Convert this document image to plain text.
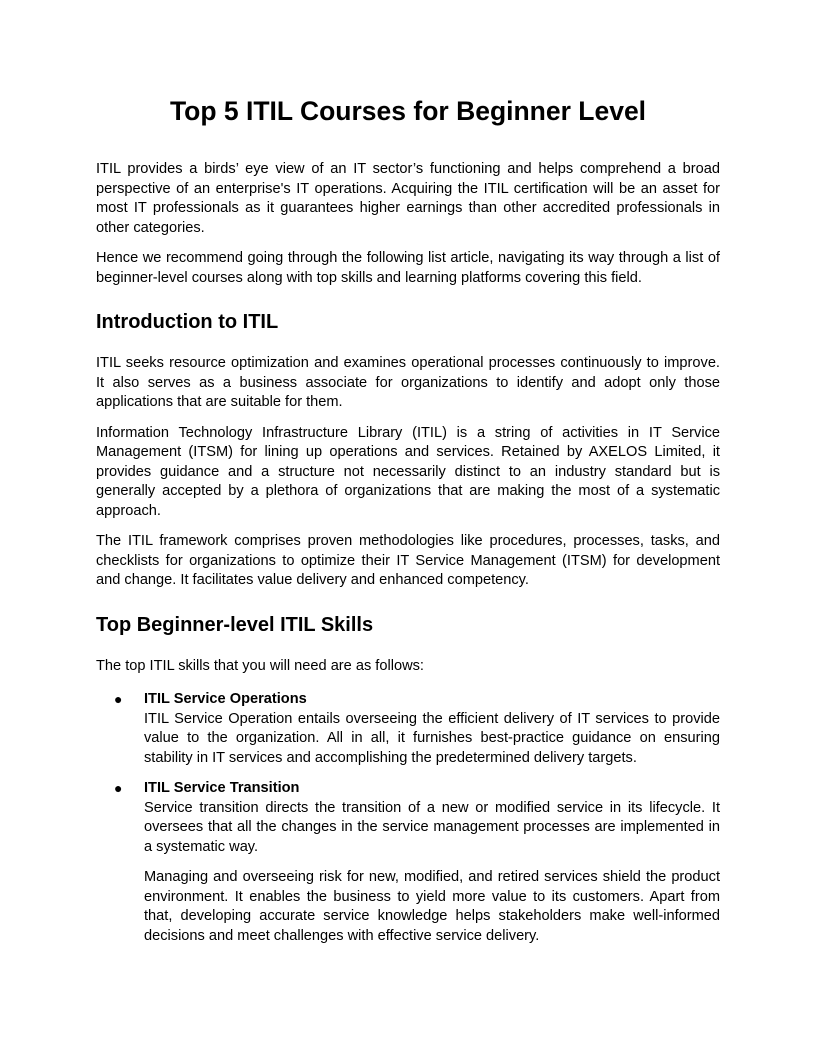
Top 5 ITIL Courses for Beginner Level

ITIL provides a birds’ eye view of an IT sector’s functioning and helps comprehend a broad perspective of an enterprise's IT operations. Acquiring the ITIL certification will be an asset for most IT professionals as it guarantees higher earnings than other accredited professionals in other categories.

Hence we recommend going through the following list article, navigating its way through a list of beginner-level courses along with top skills and learning platforms covering this field.

Introduction to ITIL

ITIL seeks resource optimization and examines operational processes continuously to improve. It also serves as a business associate for organizations to identify and adopt only those applications that are suitable for them.

Information Technology Infrastructure Library (ITIL) is a string of activities in IT Service Management (ITSM) for lining up operations and services. Retained by AXELOS Limited, it provides guidance and a structure not necessarily distinct to an industry standard but is generally accepted by a plethora of organizations that are making the most of a systematic approach.

The ITIL framework comprises proven methodologies like procedures, processes, tasks, and checklists for organizations to optimize their IT Service Management (ITSM) for development and change. It facilitates value delivery and enhanced competency.

Top Beginner-level ITIL Skills

The top ITIL skills that you will need are as follows:

● ITIL Service Operations

ITIL Service Operation entails overseeing the efficient delivery of IT services to provide value to the organization. All in all, it furnishes best-practice guidance on ensuring stability in IT services and accomplishing the predetermined delivery targets.

● ITIL Service Transition

Service transition directs the transition of a new or modified service in its lifecycle. It oversees that all the changes in the service management processes are implemented in a systematic way.

Managing and overseeing risk for new, modified, and retired services shield the product environment. It enables the business to yield more value to its customers. Apart from that, developing accurate service knowledge helps stakeholders make well-informed decisions and meet challenges with effective service delivery.
